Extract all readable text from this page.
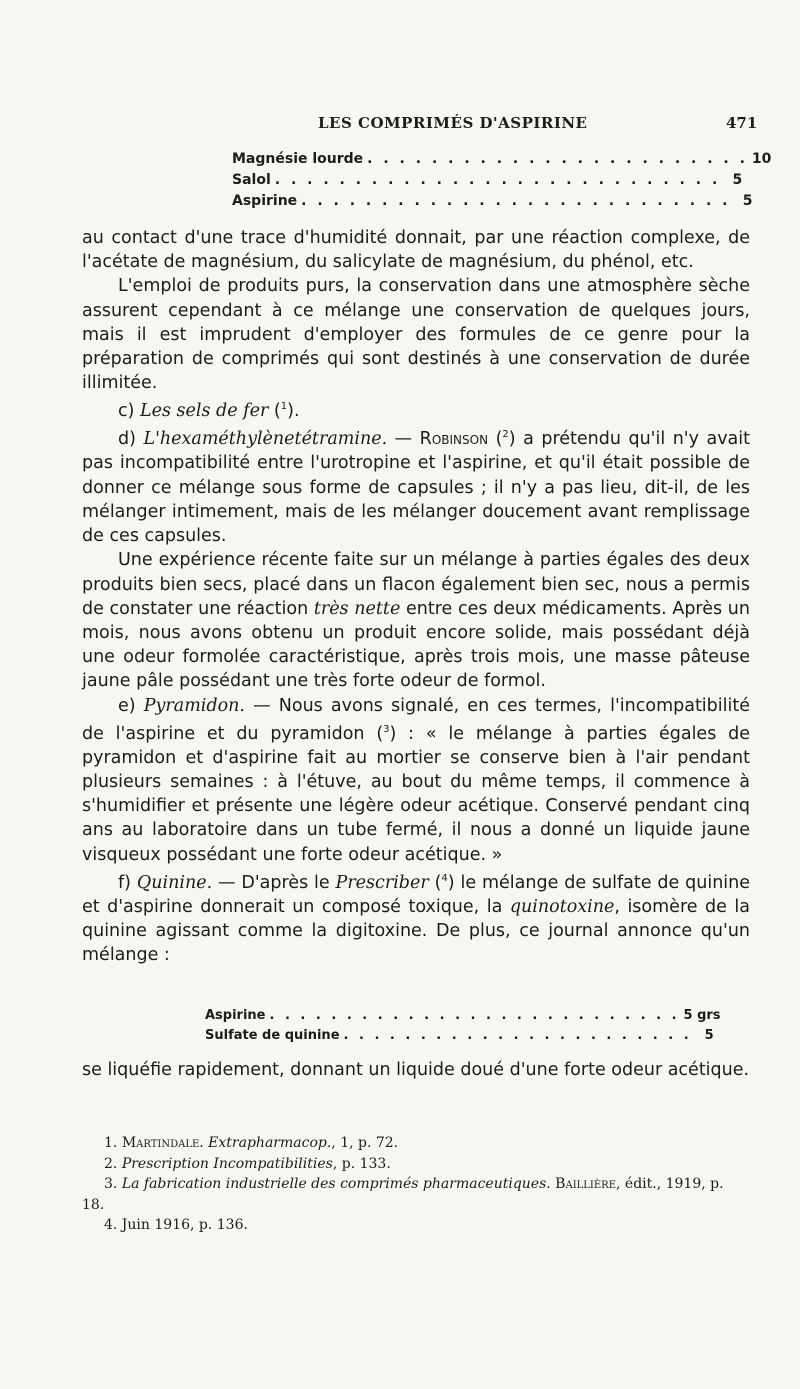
LES COMPRIMÉS D'ASPIRINE	471
Magnésie lourde . . . . . . . . . . . . . . . . . . . . . . . . 10
Salol . . . . . . . . . . . . . . . . . . . . . . . . . . . . 5
Aspirine . . . . . . . . . . . . . . . . . . . . . . . . . . . 5

au contact d'une trace d'humidité donnait, par une réaction complexe, de l'acétate de magnésium, du salicylate de magnésium, du phénol, etc.

L'emploi de produits purs, la conservation dans une atmosphère sèche assurent cependant à ce mélange une conservation de quelques jours, mais il est imprudent d'employer des formules de ce genre pour la préparation de comprimés qui sont destinés à une conservation de durée illimitée.

c) Les sels de fer ($^1$).

d) L'hexaméthylènetétramine. — Robinson ($^2$) a prétendu qu'il n'y avait pas incompatibilité entre l'urotropine et l'aspirine, et qu'il était possible de donner ce mélange sous forme de capsules ; il n'y a pas lieu, dit-il, de les mélanger intimement, mais de les mélanger doucement avant remplissage de ces capsules.

Une expérience récente faite sur un mélange à parties égales des deux produits bien secs, placé dans un flacon également bien sec, nous a permis de constater une réaction très nette entre ces deux médicaments. Après un mois, nous avons obtenu un produit encore solide, mais possédant déjà une odeur formolée caractéristique, après trois mois, une masse pâteuse jaune pâle possédant une très forte odeur de formol.

e) Pyramidon. — Nous avons signalé, en ces termes, l'incompatibilité de l'aspirine et du pyramidon ($^3$) : « le mélange à parties égales de pyramidon et d'aspirine fait au mortier se conserve bien à l'air pendant plusieurs semaines : à l'étuve, au bout du même temps, il commence à s'humidifier et présente une légère odeur acétique. Conservé pendant cinq ans au laboratoire dans un tube fermé, il nous a donné un liquide jaune visqueux possédant une forte odeur acétique. »

f) Quinine. — D'après le Prescriber ($^4$) le mélange de sulfate de quinine et d'aspirine donnerait un composé toxique, la quinotoxine, isomère de la quinine agissant comme la digitoxine. De plus, ce journal annonce qu'un mélange :

Aspirine . . . . . . . . . . . . . . . . . . . . . . . . . . . 5 grs
Sulfate de quinine . . . . . . . . . . . . . . . . . . . . . . . 5

se liquéfie rapidement, donnant un liquide doué d'une forte odeur acétique.

1. Martindale. Extrapharmacop., 1, p. 72.

2. Prescription Incompatibilities, p. 133.

3. La fabrication industrielle des comprimés pharmaceutiques. Baillière, édit., 1919, p. 18.

4. Juin 1916, p. 136.
